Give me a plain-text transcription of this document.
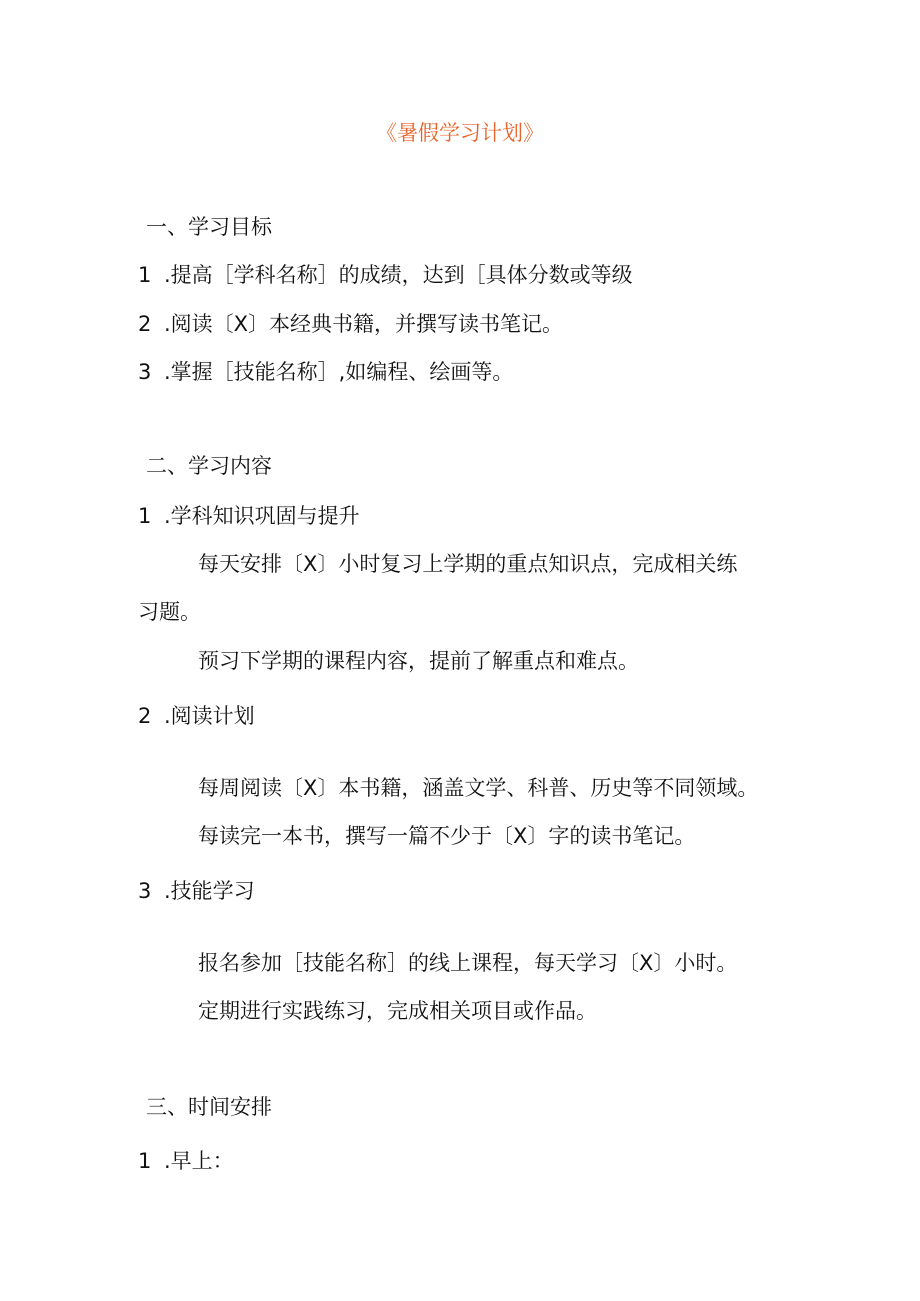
《暑假学习计划》
一、学习目标
1 .提高［学科名称］的成绩，达到［具体分数或等级
2 .阅读〔X〕本经典书籍，并撰写读书笔记。
3 .掌握［技能名称］,如编程、绘画等。
二、学习内容
1 .学科知识巩固与提升
每天安排〔X〕小时复习上学期的重点知识点，完成相关练
习题。
预习下学期的课程内容，提前了解重点和难点。
2 .阅读计划
每周阅读〔X〕本书籍，涵盖文学、科普、历史等不同领域。
每读完一本书，撰写一篇不少于〔X〕字的读书笔记。
3 .技能学习
报名参加［技能名称］的线上课程，每天学习〔X〕小时。
定期进行实践练习，完成相关项目或作品。
三、时间安排
1 .早上：
